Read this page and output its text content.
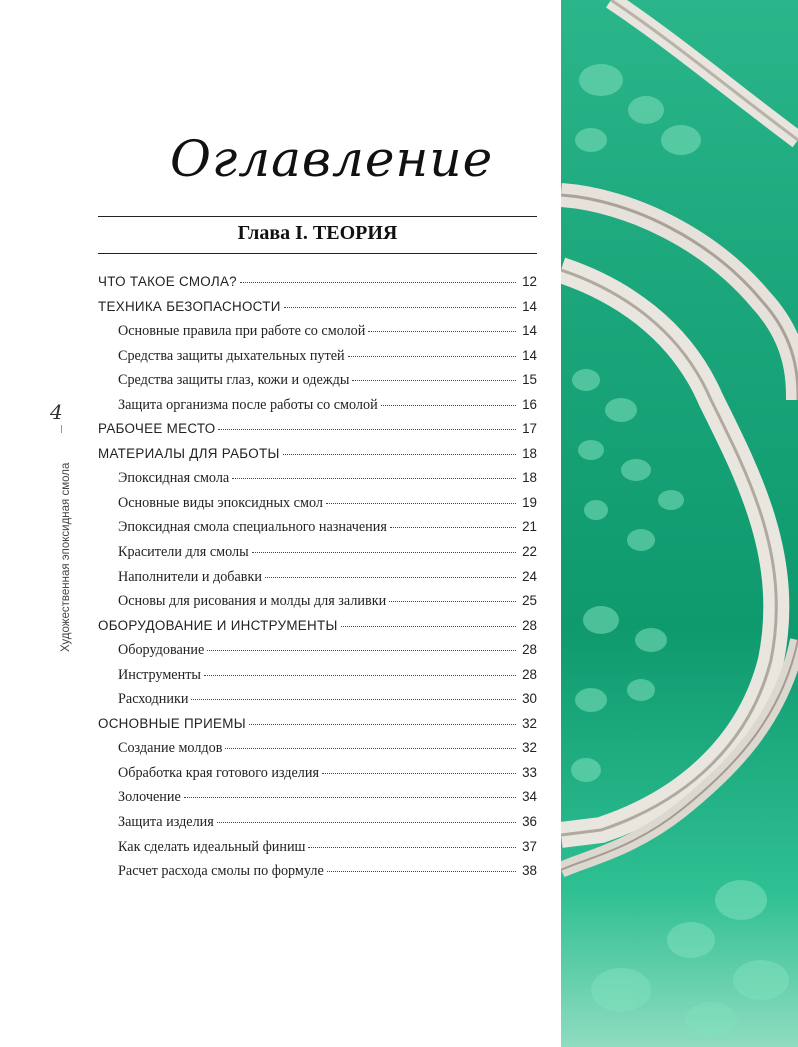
Оглавление
Глава I. ТЕОРИЯ
ЧТО ТАКОЕ СМОЛА?	12
ТЕХНИКА БЕЗОПАСНОСТИ	14
Основные правила при работе со смолой	14
Средства защиты дыхательных путей	14
Средства защиты глаз, кожи и одежды	15
Защита организма после работы со смолой	16
РАБОЧЕЕ МЕСТО	17
МАТЕРИАЛЫ ДЛЯ РАБОТЫ	18
Эпоксидная смола	18
Основные виды эпоксидных смол	19
Эпоксидная смола специального назначения	21
Красители для смолы	22
Наполнители и добавки	24
Основы для рисования и молды для заливки	25
ОБОРУДОВАНИЕ И ИНСТРУМЕНТЫ	28
Оборудование	28
Инструменты	28
Расходники	30
ОСНОВНЫЕ ПРИЕМЫ	32
Создание молдов	32
Обработка края готового изделия	33
Золочение	34
Защита изделия	36
Как сделать идеальный финиш	37
Расчет расхода смолы по формуле	38
4
Художественная эпоксидная смола
